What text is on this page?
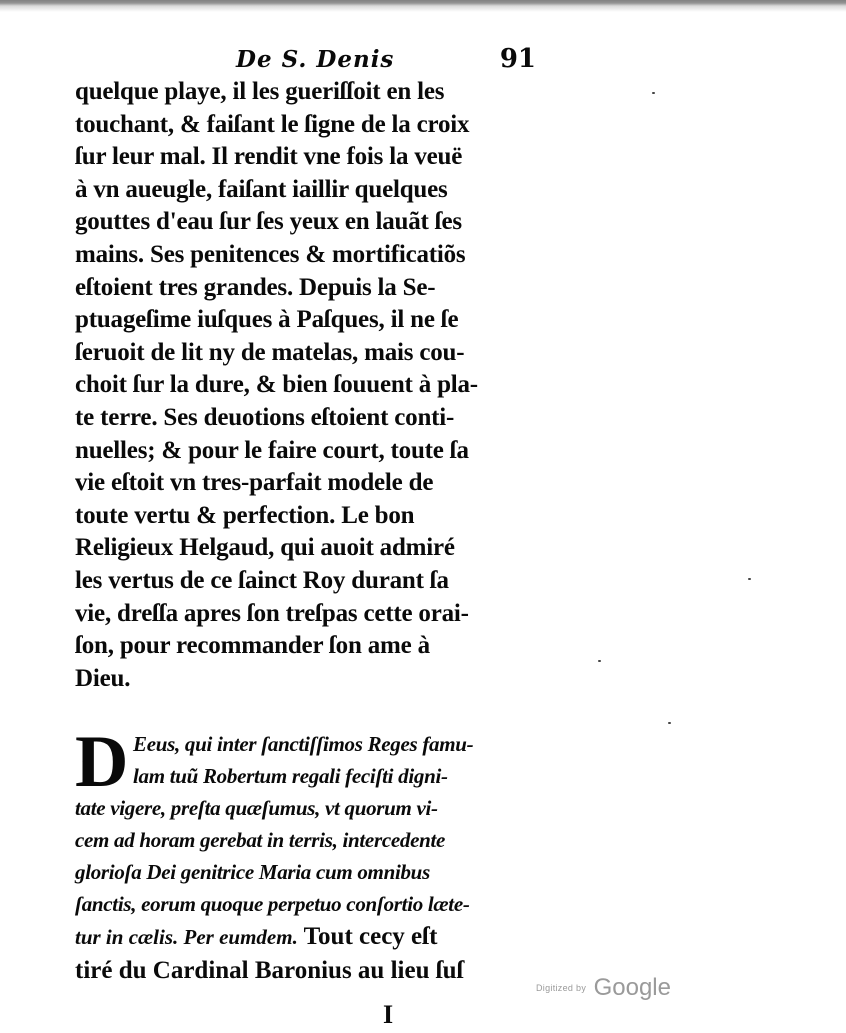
De S. Denis	91
quelque playe, il les gueriſſoit en les
touchant, & faiſant le ſigne de la croix
ſur leur mal. Il rendit vne fois la veuë
à vn aueugle, faiſant iaillir quelques
gouttes d'eau ſur ſes yeux en lauãt ſes
mains. Ses penitences & mortificatiõs
eſtoient tres grandes. Depuis la Se-
ptuageſime iuſques à Paſques, il ne ſe
ſeruoit de lit ny de matelas, mais cou-
choit ſur la dure, & bien ſouuent à pla-
te terre. Ses deuotions eſtoient conti-
nuelles; & pour le faire court, toute ſa
vie eſtoit vn tres-parfait modele de
toute vertu & perfection. Le bon
Religieux Helgaud, qui auoit admiré
les vertus de ce ſainct Roy durant ſa
vie, dreſſa apres ſon treſpas cette orai-
ſon, pour recommander ſon ame à
Dieu.
D Eeus, qui inter ſanctiſſimos Reges famu-
lam tuũ Robertum regali feciſti digni-
tate vigere, preſta quæſumus, vt quorum vi-
cem ad horam gerebat in terris, intercedente
glorioſa Dei genitrice Maria cum omnibus
ſanctis, eorum quoque perpetuo conſortio læte-
tur in cælis. Per eumdem. Tout cecy eſt
tiré du Cardinal Baronius au lieu ſuſ
I
Digitized by Google
